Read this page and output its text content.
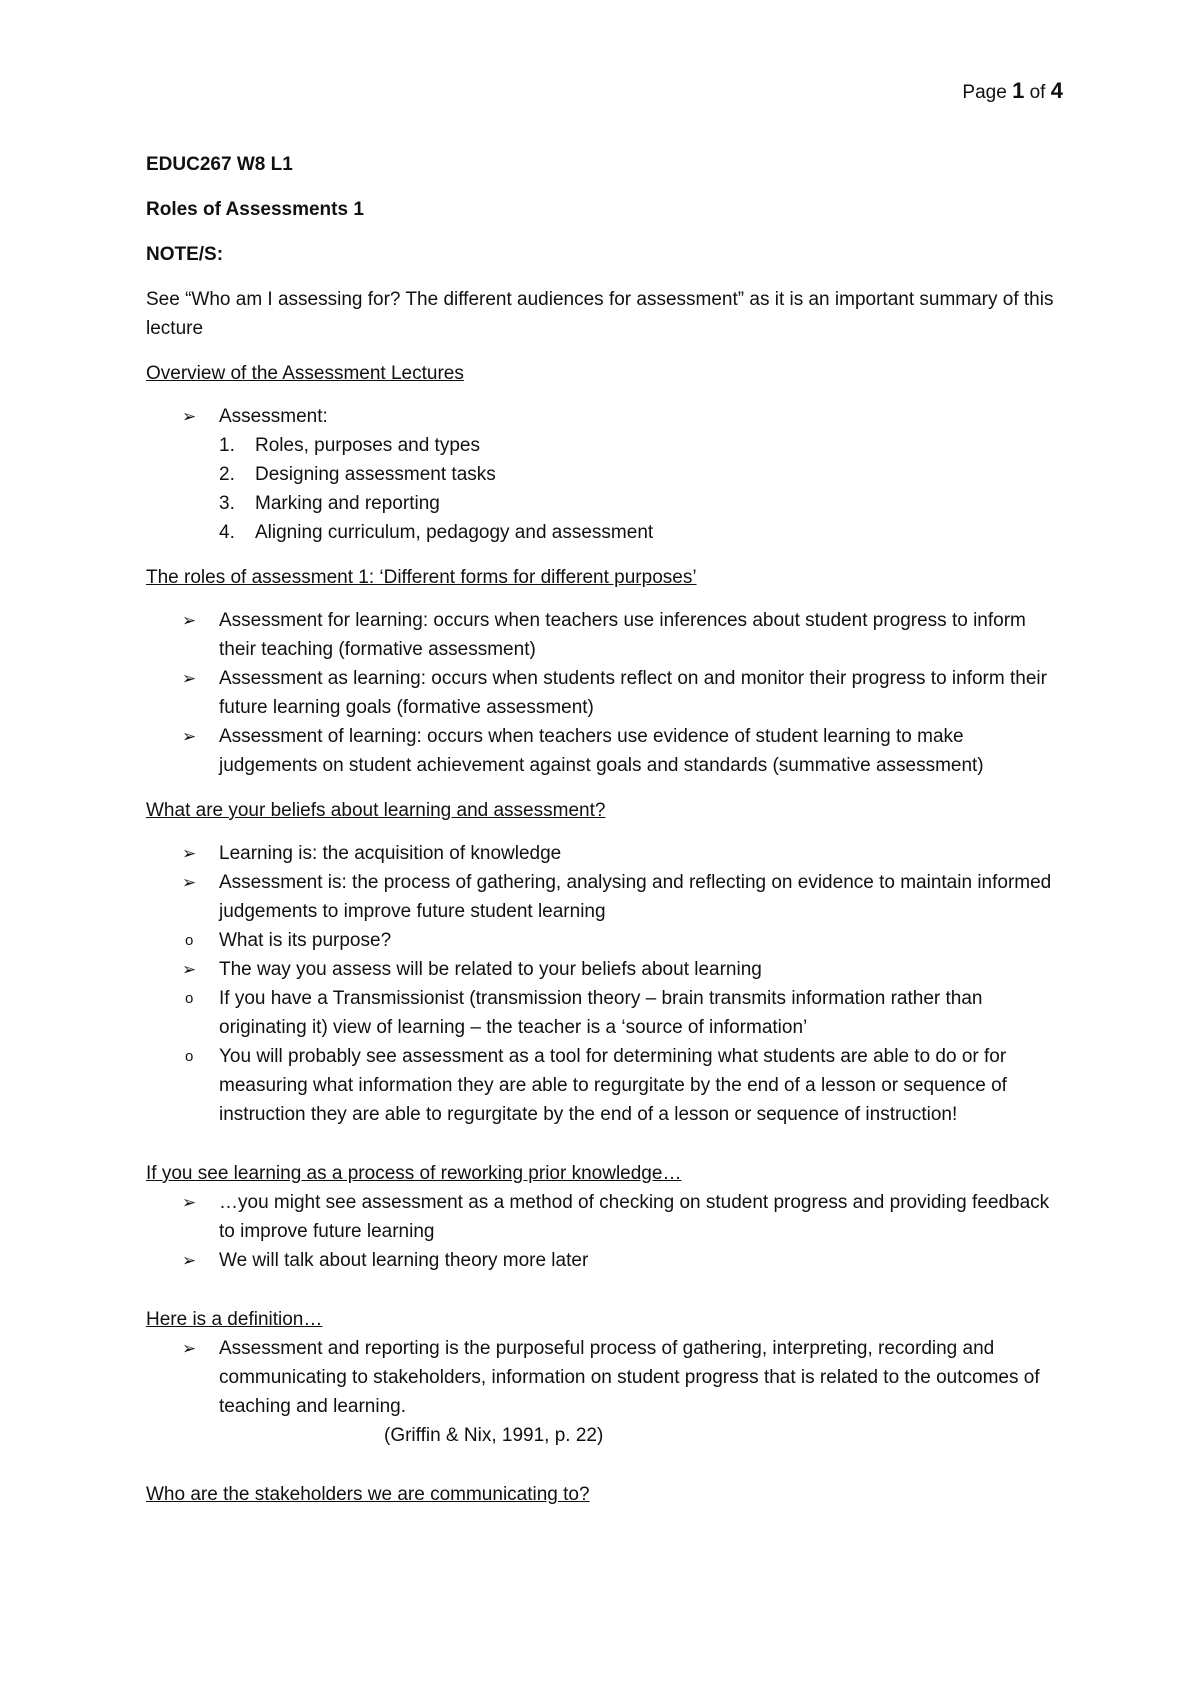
Page 1 of 4

EDUC267 W8 L1

Roles of Assessments 1

NOTE/S:

See “Who am I assessing for? The different audiences for assessment” as it is an important summary of this lecture

Overview of the Assessment Lectures

➢ Assessment:
1. Roles, purposes and types
2. Designing assessment tasks
3. Marking and reporting
4. Aligning curriculum, pedagogy and assessment

The roles of assessment 1: ‘Different forms for different purposes’

➢ Assessment for learning: occurs when teachers use inferences about student progress to inform their teaching (formative assessment)
➢ Assessment as learning: occurs when students reflect on and monitor their progress to inform their future learning goals (formative assessment)
➢ Assessment of learning: occurs when teachers use evidence of student learning to make judgements on student achievement against goals and standards (summative assessment)

What are your beliefs about learning and assessment?

➢ Learning is: the acquisition of knowledge
➢ Assessment is: the process of gathering, analysing and reflecting on evidence to maintain informed judgements to improve future student learning
o What is its purpose?
➢ The way you assess will be related to your beliefs about learning
o If you have a Transmissionist (transmission theory – brain transmits information rather than originating it) view of learning – the teacher is a ‘source of information’
o You will probably see assessment as a tool for determining what students are able to do or for measuring what information they are able to regurgitate by the end of a lesson or sequence of instruction they are able to regurgitate by the end of a lesson or sequence of instruction!

If you see learning as a process of reworking prior knowledge…

➢ …you might see assessment as a method of checking on student progress and providing feedback to improve future learning
➢ We will talk about learning theory more later

Here is a definition…

➢ Assessment and reporting is the purposeful process of gathering, interpreting, recording and communicating to stakeholders, information on student progress that is related to the outcomes of teaching and learning.
(Griffin & Nix, 1991, p. 22)

Who are the stakeholders we are communicating to?
